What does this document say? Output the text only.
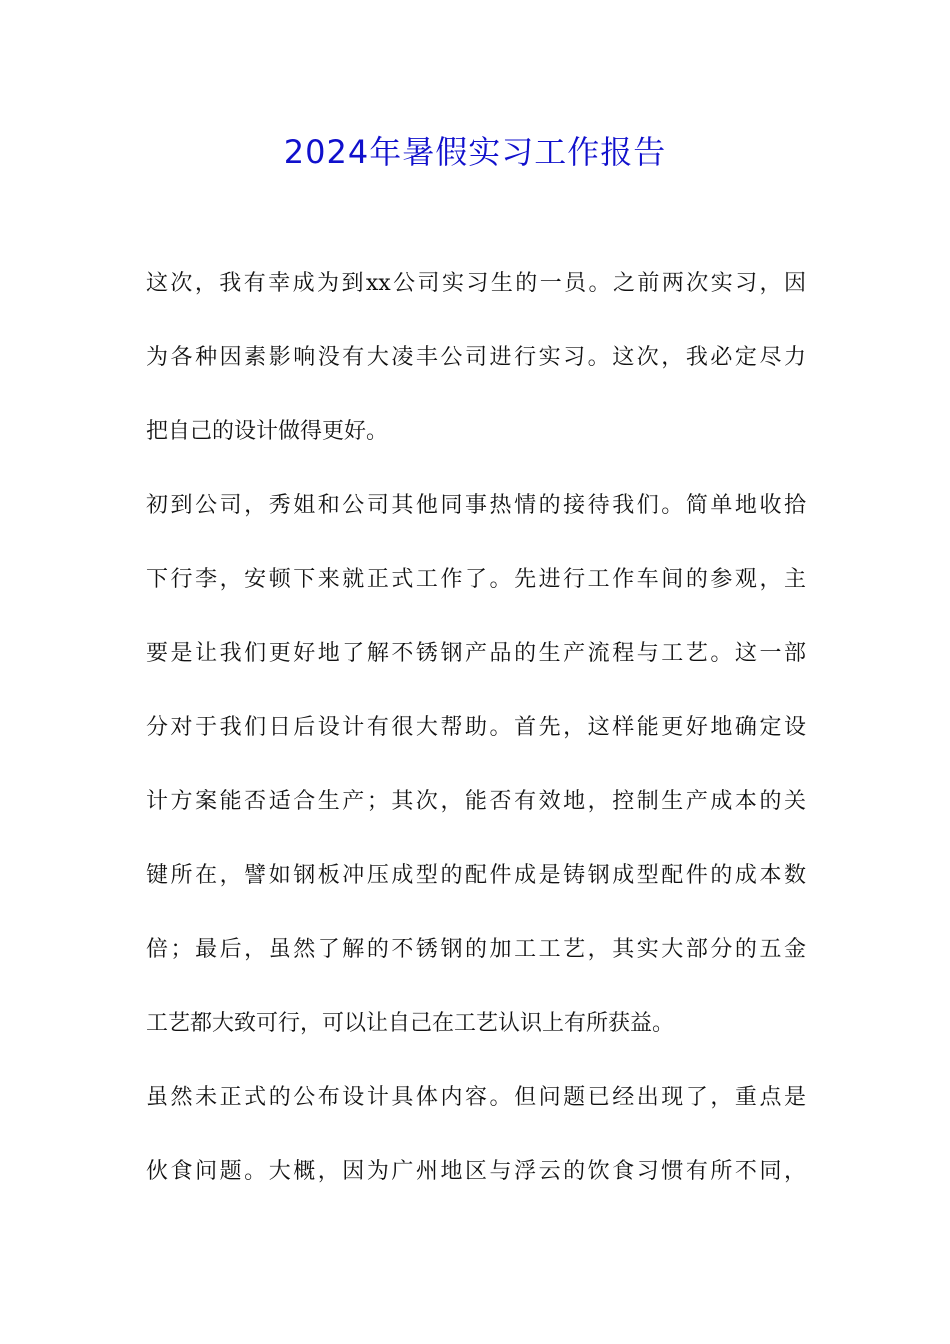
2024年暑假实习工作报告
这次，我有幸成为到xx公司实习生的一员。之前两次实习，因
为各种因素影响没有大凌丰公司进行实习。这次，我必定尽力
把自己的设计做得更好。
初到公司，秀姐和公司其他同事热情的接待我们。简单地收拾
下行李，安顿下来就正式工作了。先进行工作车间的参观，主
要是让我们更好地了解不锈钢产品的生产流程与工艺。这一部
分对于我们日后设计有很大帮助。首先，这样能更好地确定设
计方案能否适合生产；其次，能否有效地，控制生产成本的关
键所在，譬如钢板冲压成型的配件成是铸钢成型配件的成本数
倍；最后，虽然了解的不锈钢的加工工艺，其实大部分的五金
工艺都大致可行，可以让自己在工艺认识上有所获益。
虽然未正式的公布设计具体内容。但问题已经出现了，重点是
伙食问题。大概，因为广州地区与浮云的饮食习惯有所不同，
